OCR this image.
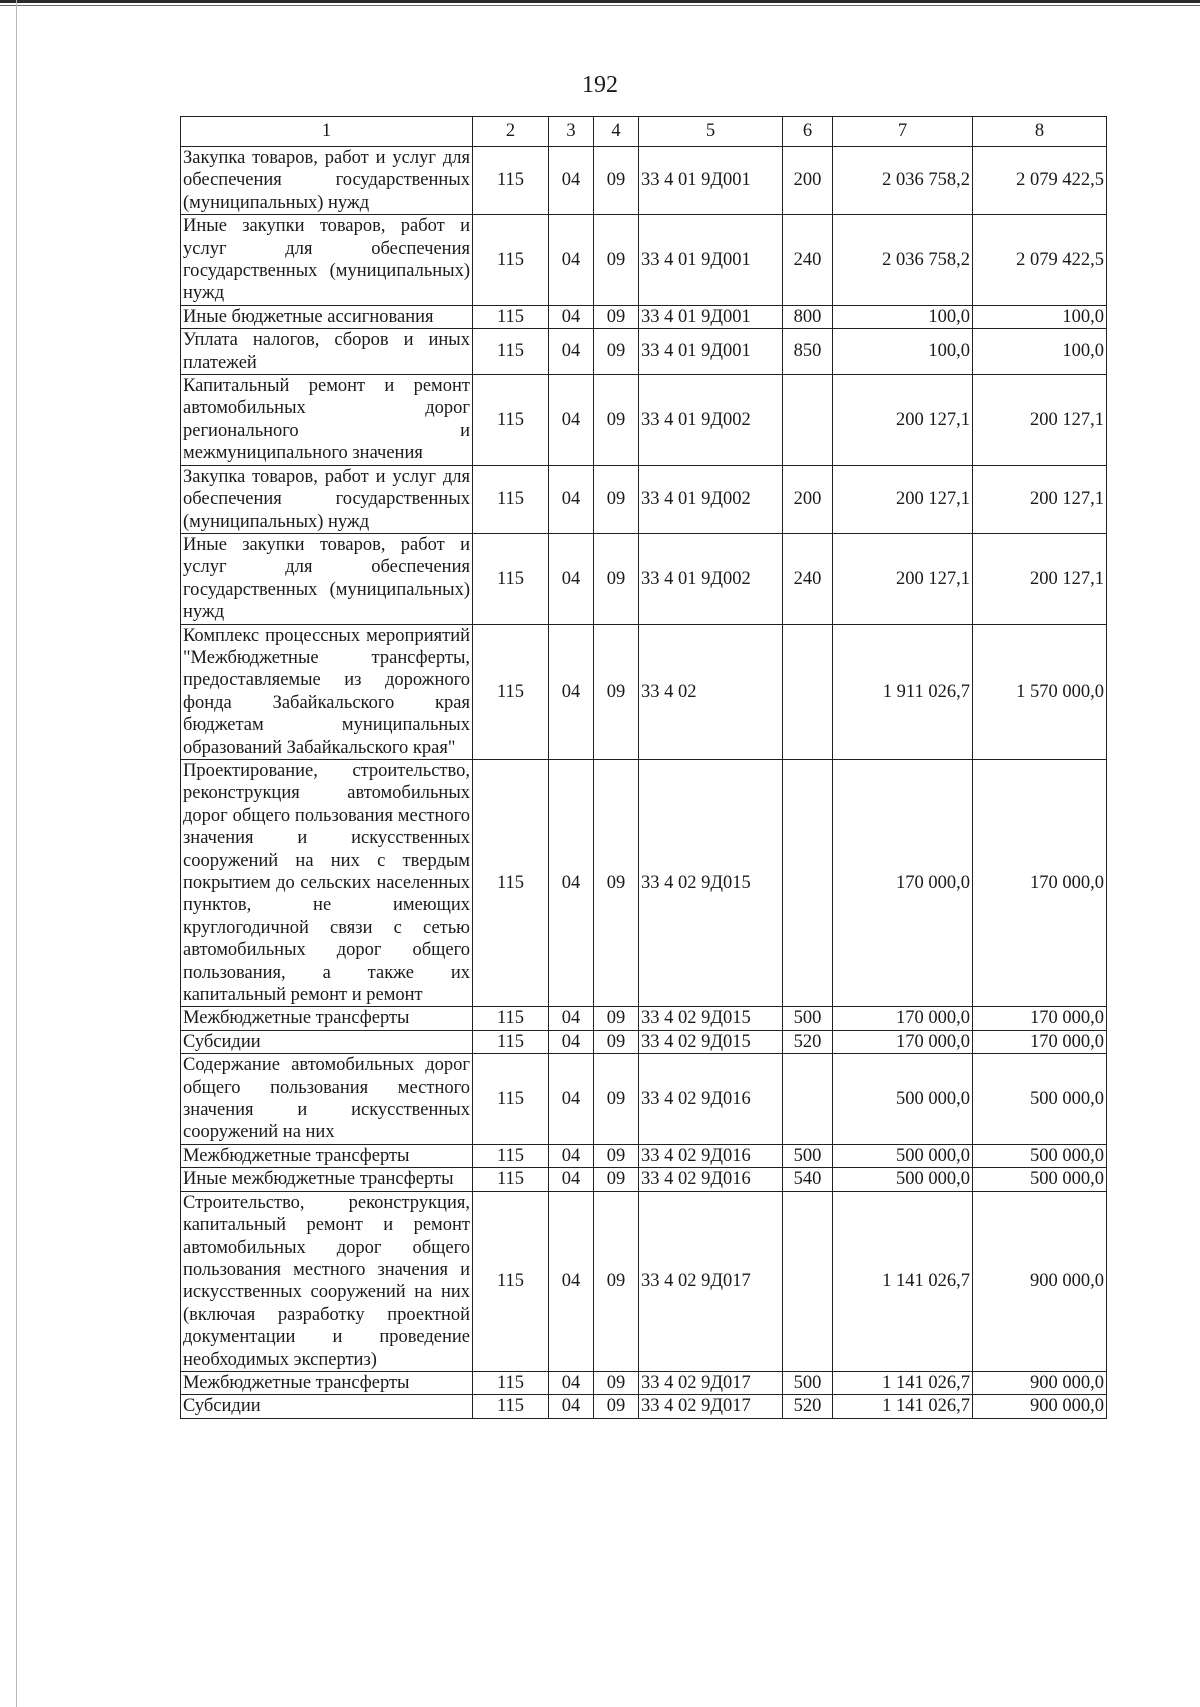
192
1	2	3	4	5	6	7	8
Закупка товаров, работ и услуг для обеспечения государственных (муниципальных) нужд	115	04	09	33 4 01 9Д001	200	2 036 758,2	2 079 422,5
Иные закупки товаров, работ и услуг для обеспечения государственных (муниципальных) нужд	115	04	09	33 4 01 9Д001	240	2 036 758,2	2 079 422,5
Иные бюджетные ассигнования	115	04	09	33 4 01 9Д001	800	100,0	100,0
Уплата налогов, сборов и иных платежей	115	04	09	33 4 01 9Д001	850	100,0	100,0
Капитальный ремонт и ремонт автомобильных дорог регионального и межмуниципального значения	115	04	09	33 4 01 9Д002		200 127,1	200 127,1
Закупка товаров, работ и услуг для обеспечения государственных (муниципальных) нужд	115	04	09	33 4 01 9Д002	200	200 127,1	200 127,1
Иные закупки товаров, работ и услуг для обеспечения государственных (муниципальных) нужд	115	04	09	33 4 01 9Д002	240	200 127,1	200 127,1
Комплекс процессных мероприятий "Межбюджетные трансферты, предоставляемые из дорожного фонда Забайкальского края бюджетам муниципальных образований Забайкальского края"	115	04	09	33 4 02		1 911 026,7	1 570 000,0
Проектирование, строительство, реконструкция автомобильных дорог общего пользования местного значения и искусственных сооружений на них с твердым покрытием до сельских населенных пунктов, не имеющих круглогодичной связи с сетью автомобильных дорог общего пользования, а также их капитальный ремонт и ремонт	115	04	09	33 4 02 9Д015		170 000,0	170 000,0
Межбюджетные трансферты	115	04	09	33 4 02 9Д015	500	170 000,0	170 000,0
Субсидии	115	04	09	33 4 02 9Д015	520	170 000,0	170 000,0
Содержание автомобильных дорог общего пользования местного значения и искусственных сооружений на них	115	04	09	33 4 02 9Д016		500 000,0	500 000,0
Межбюджетные трансферты	115	04	09	33 4 02 9Д016	500	500 000,0	500 000,0
Иные межбюджетные трансферты	115	04	09	33 4 02 9Д016	540	500 000,0	500 000,0
Строительство, реконструкция, капитальный ремонт и ремонт автомобильных дорог общего пользования местного значения и искусственных сооружений на них (включая разработку проектной документации и проведение необходимых экспертиз)	115	04	09	33 4 02 9Д017		1 141 026,7	900 000,0
Межбюджетные трансферты	115	04	09	33 4 02 9Д017	500	1 141 026,7	900 000,0
Субсидии	115	04	09	33 4 02 9Д017	520	1 141 026,7	900 000,0
